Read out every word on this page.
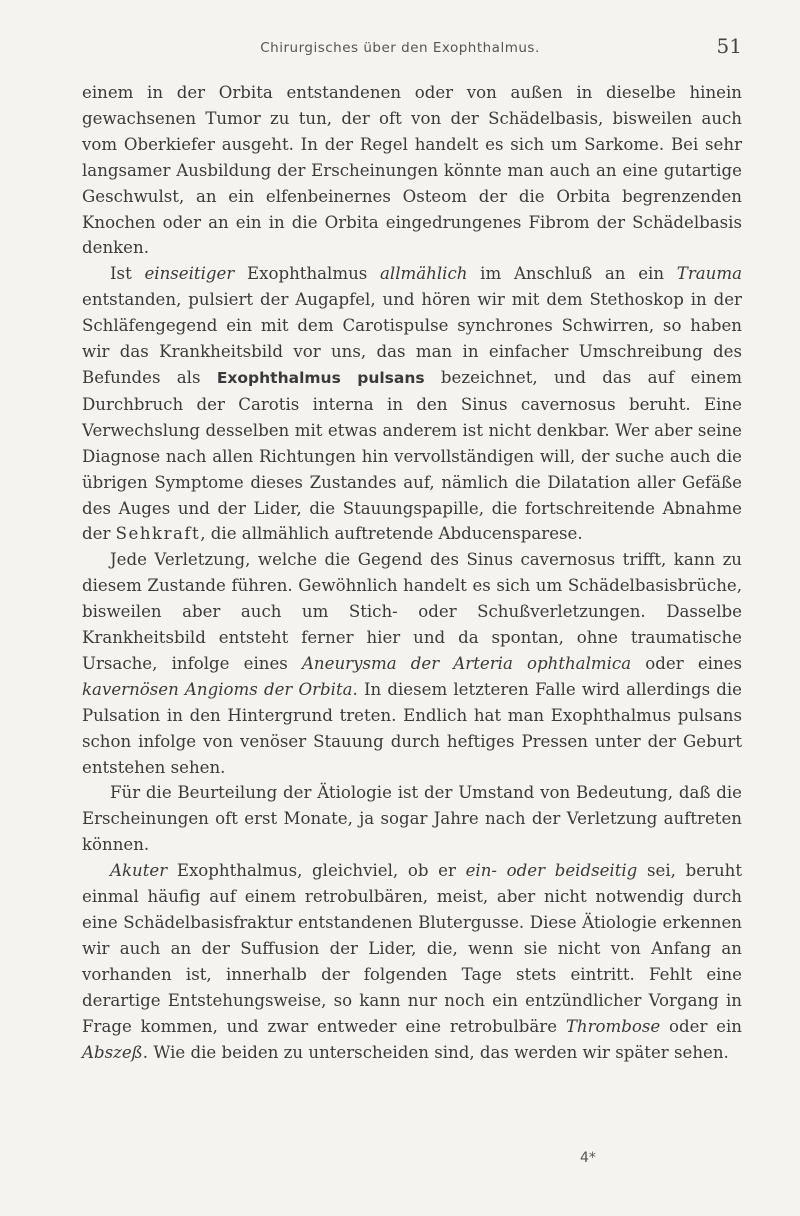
Chirurgisches über den Exophthalmus.	51

einem in der Orbita entstandenen oder von außen in dieselbe hinein gewachsenen Tumor zu tun, der oft von der Schädelbasis, bisweilen auch vom Oberkiefer ausgeht. In der Regel handelt es sich um Sarkome. Bei sehr langsamer Ausbildung der Erscheinungen könnte man auch an eine gutartige Geschwulst, an ein elfenbeinernes Osteom der die Orbita begrenzenden Knochen oder an ein in die Orbita eingedrungenes Fibrom der Schädelbasis denken.

Ist einseitiger Exophthalmus allmählich im Anschluß an ein Trauma entstanden, pulsiert der Augapfel, und hören wir mit dem Stethoskop in der Schläfengegend ein mit dem Carotispulse synchrones Schwirren, so haben wir das Krankheitsbild vor uns, das man in einfacher Umschreibung des Befundes als Exophthalmus pulsans bezeichnet, und das auf einem Durchbruch der Carotis interna in den Sinus cavernosus beruht. Eine Verwechslung desselben mit etwas anderem ist nicht denkbar. Wer aber seine Diagnose nach allen Richtungen hin vervollständigen will, der suche auch die übrigen Symptome dieses Zustandes auf, nämlich die Dilatation aller Gefäße des Auges und der Lider, die Stauungspapille, die fortschreitende Abnahme der Sehkraft, die allmählich auftretende Abducensparese.

Jede Verletzung, welche die Gegend des Sinus cavernosus trifft, kann zu diesem Zustande führen. Gewöhnlich handelt es sich um Schädelbasisbrüche, bisweilen aber auch um Stich- oder Schußverletzungen. Dasselbe Krankheitsbild entsteht ferner hier und da spontan, ohne traumatische Ursache, infolge eines Aneurysma der Arteria ophthalmica oder eines kavernösen Angioms der Orbita. In diesem letzteren Falle wird allerdings die Pulsation in den Hintergrund treten. Endlich hat man Exophthalmus pulsans schon infolge von venöser Stauung durch heftiges Pressen unter der Geburt entstehen sehen.

Für die Beurteilung der Ätiologie ist der Umstand von Bedeutung, daß die Erscheinungen oft erst Monate, ja sogar Jahre nach der Verletzung auftreten können.

Akuter Exophthalmus, gleichviel, ob er ein- oder beidseitig sei, beruht einmal häufig auf einem retrobulbären, meist, aber nicht notwendig durch eine Schädelbasisfraktur entstandenen Blutergusse. Diese Ätiologie erkennen wir auch an der Suffusion der Lider, die, wenn sie nicht von Anfang an vorhanden ist, innerhalb der folgenden Tage stets eintritt. Fehlt eine derartige Entstehungsweise, so kann nur noch ein entzündlicher Vorgang in Frage kommen, und zwar entweder eine retrobulbäre Thrombose oder ein Abszeß. Wie die beiden zu unterscheiden sind, das werden wir später sehen.

4*
